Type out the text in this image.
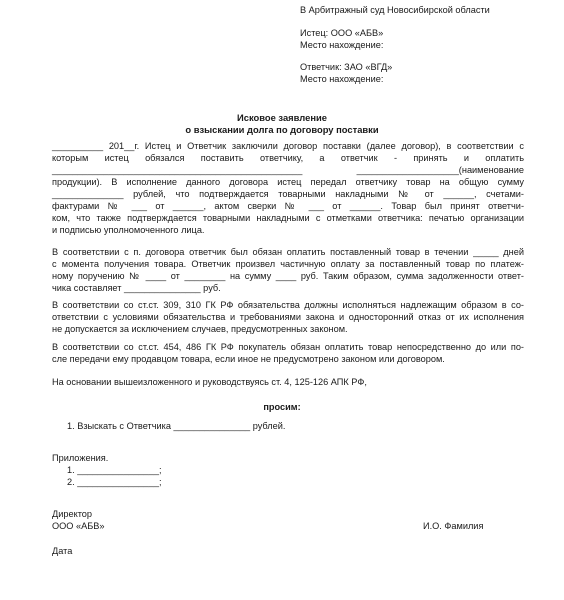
В Арбитражный суд Новосибирской области
Истец: ООО «АБВ»
Место нахождение:
Ответчик: ЗАО «ВГД»
Место нахождение:
Исковое заявление
о взыскании долга по договору поставки
__________ 201__г. Истец и Ответчик заключили договор поставки (далее договор), в соответствии с
которым истец обязался поставить ответчику, а ответчик - принять и оплатить
_________________________________________________ ____________________(наименование
продукции). В исполнение данного договора истец передал ответчику товар на общую сумму
______________ рублей, что подтверждается товарными накладными № от ______, счетами-
фактурами № ___ от ______, актом сверки № ___ от ______. Товар был принят ответчи-
ком, что также подтверждается товарными накладными с отметками ответчика: печатью организации
и подписью уполномоченного лица.
В соответствии с п. договора ответчик был обязан оплатить поставленный товар в течении _____ дней
с момента получения товара. Ответчик произвел частичную оплату за поставленный товар по платеж-
ному поручению № ____ от ________ на сумму ____ руб. Таким образом, сумма задолженности ответ-
чика составляет _______________ руб.
В соответствии со ст.ст. 309, 310 ГК РФ обязательства должны исполняться надлежащим образом в со-
ответствии с условиями обязательства и требованиями закона и односторонний отказ от их исполнения
не допускается за исключением случаев, предусмотренных законом.
В соответствии со ст.ст. 454, 486 ГК РФ покупатель обязан оплатить товар непосредственно до или по-
сле передачи ему продавцом товара, если иное не предусмотрено законом или договором.
На основании вышеизложенного и руководствуясь ст. 4, 125-126 АПК РФ,
просим:
1. Взыскать с Ответчика _______________ рублей.
Приложения.
1. ________________;
2. ________________;
Директор
ООО «АБВ»	И.О. Фамилия
Дата
